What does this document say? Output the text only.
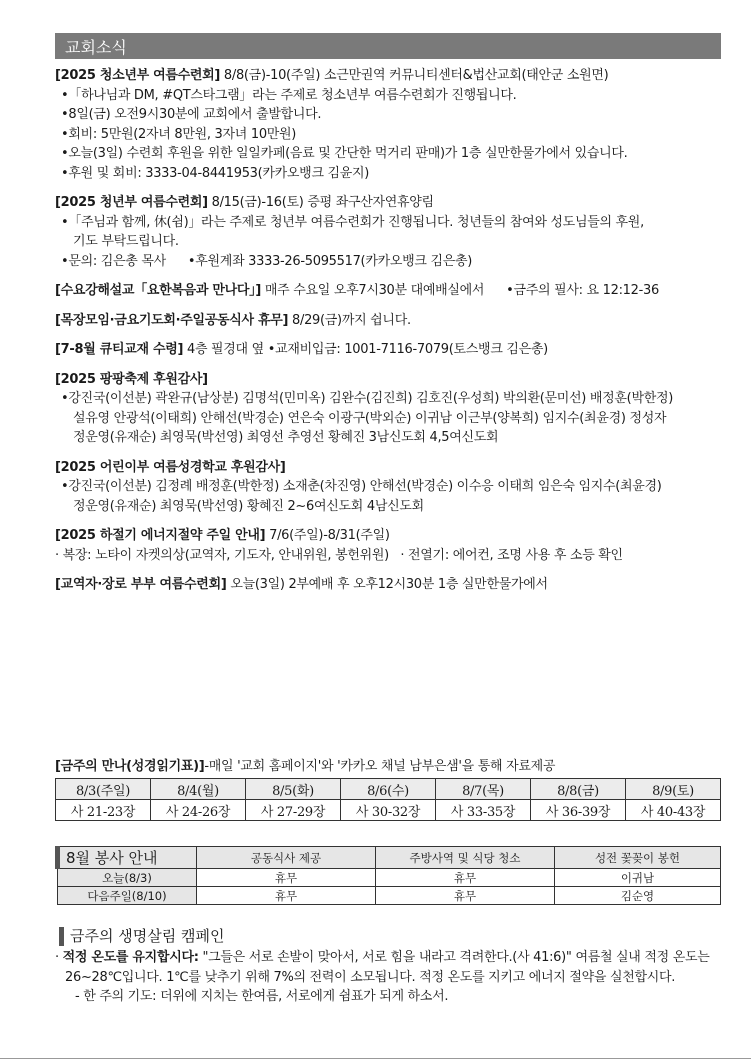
교회소식
[2025 청소년부 여름수련회] 8/8(금)-10(주일) 소근만권역 커뮤니티센터&법산교회(태안군 소원면)
•「하나님과 DM, #QT스타그램」라는 주제로 청소년부 여름수련회가 진행됩니다.
•8일(금) 오전9시30분에 교회에서 출발합니다.
•회비: 5만원(2자녀 8만원, 3자녀 10만원)
•오늘(3일) 수련회 후원을 위한 일일카페(음료 및 간단한 먹거리 판매)가 1층 실만한물가에서 있습니다.
•후원 및 회비: 3333-04-8441953(카카오뱅크 김윤지)
[2025 청년부 여름수련회] 8/15(금)-16(토) 증평 좌구산자연휴양림
•「주님과 함께, 休(쉼)」라는 주제로 청년부 여름수련회가 진행됩니다. 청년들의 참여와 성도님들의 후원,
기도 부탁드립니다.
•문의: 김은총 목사 •후원계좌 3333-26-5095517(카카오뱅크 김은총)
[수요강해설교「요한복음과 만나다」] 매주 수요일 오후7시30분 대예배실에서 •금주의 필사: 요 12:12-36
[목장모임·금요기도회·주일공동식사 휴무] 8/29(금)까지 쉽니다.
[7-8월 큐티교재 수령] 4층 필경대 옆 •교재비입금: 1001-7116-7079(토스뱅크 김은총)
[2025 팡팡축제 후원감사]
•강진국(이선분) 곽완규(남상분) 김명석(민미옥) 김완수(김진희) 김호진(우성희) 박의환(문미선) 배정훈(박한정)
설유영 안광석(이태희) 안해선(박경순) 연은숙 이광구(박외순) 이귀남 이근부(양복희) 임지수(최윤경) 정성자
정운영(유재순) 최영묵(박선영) 최영선 추영선 황혜진 3남신도회 4,5여신도회
[2025 어린이부 여름성경학교 후원감사]
•강진국(이선분) 김정례 배정훈(박한정) 소재춘(차진영) 안해선(박경순) 이수응 이태희 임은숙 임지수(최윤경)
정운영(유재순) 최영묵(박선영) 황혜진 2~6여신도회 4남신도회
[2025 하절기 에너지절약 주일 안내] 7/6(주일)-8/31(주일)
· 복장: 노타이 자켓의상(교역자, 기도자, 안내위원, 봉헌위원)   · 전열기: 에어컨, 조명 사용 후 소등 확인
[교역자·장로 부부 여름수련회] 오늘(3일) 2부예배 후 오후12시30분 1층 실만한물가에서
[금주의 만나(성경읽기표)]-매일 '교회 홈페이지'와 '카카오 채널 남부은샘'을 통해 자료제공
8/3(주일)	8/4(월)	8/5(화)	8/6(수)	8/7(목)	8/8(금)	8/9(토)
사 21-23장	사 24-26장	사 27-29장	사 30-32장	사 33-35장	사 36-39장	사 40-43장
8월 봉사 안내	공동식사 제공	주방사역 및 식당 청소	성전 꽃꽂이 봉헌
오늘(8/3)	휴무	휴무	이귀남
다음주일(8/10)	휴무	휴무	김순영
금주의 생명살림 캠페인
· 적정 온도를 유지합시다: "그들은 서로 손발이 맞아서, 서로 힘을 내라고 격려한다.(사 41:6)" 여름철 실내 적정 온도는 26~28℃입니다. 1℃를 낮추기 위해 7%의 전력이 소모됩니다. 적정 온도를 지키고 에너지 절약을 실천합시다.
- 한 주의 기도: 더위에 지치는 한여름, 서로에게 쉼표가 되게 하소서.
